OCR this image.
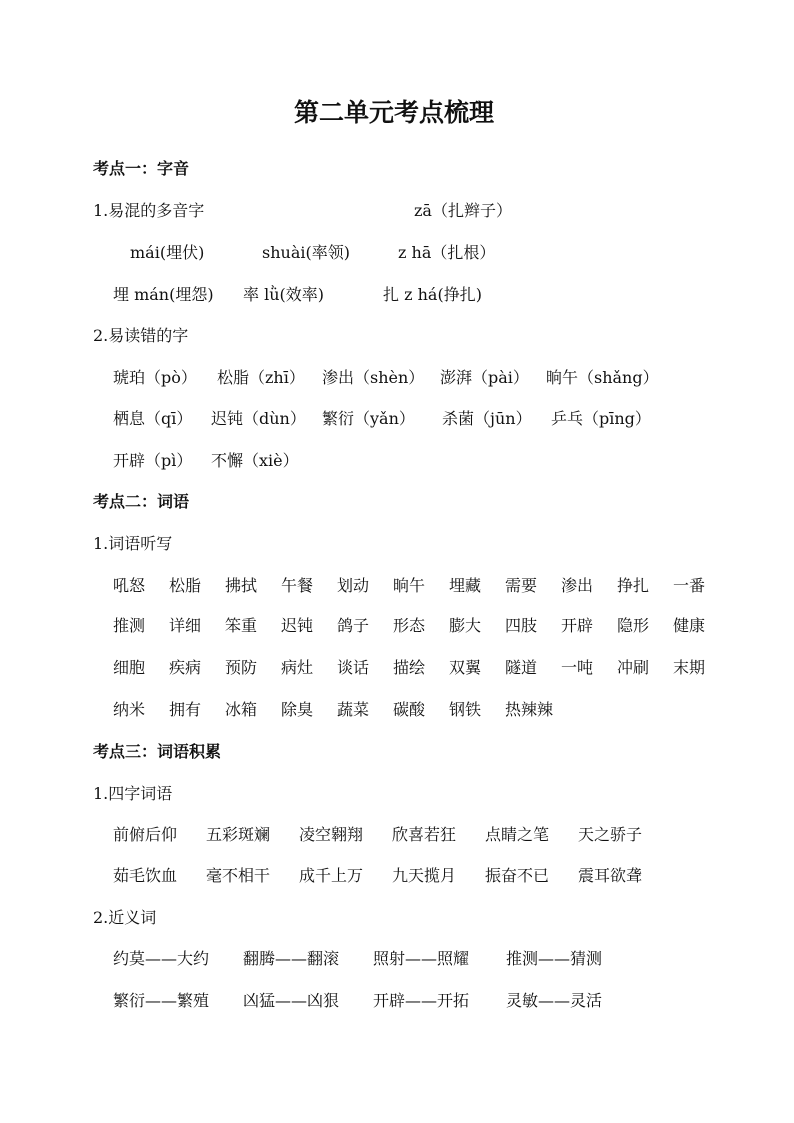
第二单元考点梳理
考点一：字音
1.易混的多音字	zā（扎辫子）
mái(埋伏)	shuài(率领)	z hā（扎根）
埋 mán(埋怨) 率 lǜ(效率)	扎 z há(挣扎)
2.易读错的字
琥珀（pò）	松脂（zhī）	渗出（shèn） 澎湃（pài）	晌午（shǎng）
栖息（qī）	迟钝（dùn）	繁衍（yǎn）	杀菌（jūn）	乒乓（pīng）
开辟（pì）	不懈（xiè）
考点二：词语
1.词语听写
吼怒	松脂	拂拭	午餐	划动	晌午	埋藏	需要	渗出	挣扎	一番
推测	详细	笨重	迟钝	鸽子	形态	膨大	四肢	开辟	隐形	健康
细胞	疾病	预防	病灶	谈话	描绘	双翼	隧道	一吨	冲刷	末期
纳米	拥有	冰箱	除臭	蔬菜	碳酸	钢铁	热辣辣
考点三：词语积累
1.四字词语
前俯后仰	五彩斑斓	凌空翱翔	欣喜若狂	点睛之笔	天之骄子
茹毛饮血	毫不相干	成千上万	九天揽月	振奋不已	震耳欲聋
2.近义词
约莫——大约	翻腾——翻滚	照射——照耀	推测——猜测
繁衍——繁殖	凶猛——凶狠	开辟——开拓	灵敏——灵活
